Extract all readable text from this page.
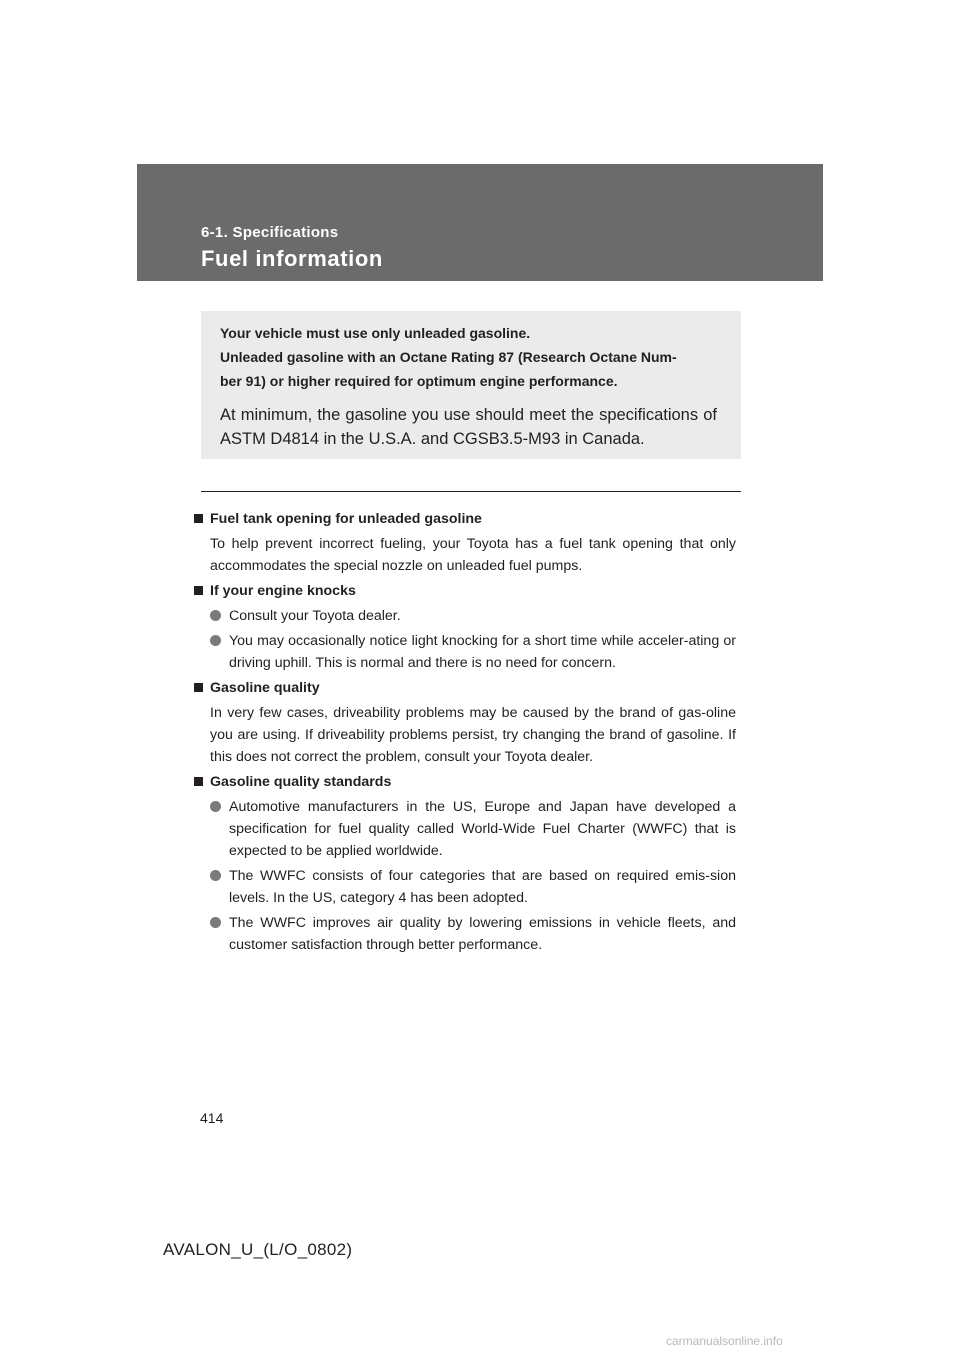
6-1. Specifications
Fuel information

Your vehicle must use only unleaded gasoline.

Unleaded gasoline with an Octane Rating 87 (Research Octane Num-

ber 91) or higher required for optimum engine performance.

At minimum, the gasoline you use should meet the specifications of ASTM D4814 in the U.S.A. and CGSB3.5-M93 in Canada.

Fuel tank opening for unleaded gasoline

To help prevent incorrect fueling, your Toyota has a fuel tank opening that only accommodates the special nozzle on unleaded fuel pumps.

If your engine knocks

Consult your Toyota dealer.
You may occasionally notice light knocking for a short time while acceler-ating or driving uphill. This is normal and there is no need for concern.

Gasoline quality

In very few cases, driveability problems may be caused by the brand of gas-oline you are using. If driveability problems persist, try changing the brand of gasoline. If this does not correct the problem, consult your Toyota dealer.

Gasoline quality standards

Automotive manufacturers in the US, Europe and Japan have developed a specification for fuel quality called World-Wide Fuel Charter (WWFC) that is expected to be applied worldwide.
The WWFC consists of four categories that are based on required emis-sion levels. In the US, category 4 has been adopted.
The WWFC improves air quality by lowering emissions in vehicle fleets, and customer satisfaction through better performance.
414
AVALON_U_(L/O_0802)
carmanualsonline.info
